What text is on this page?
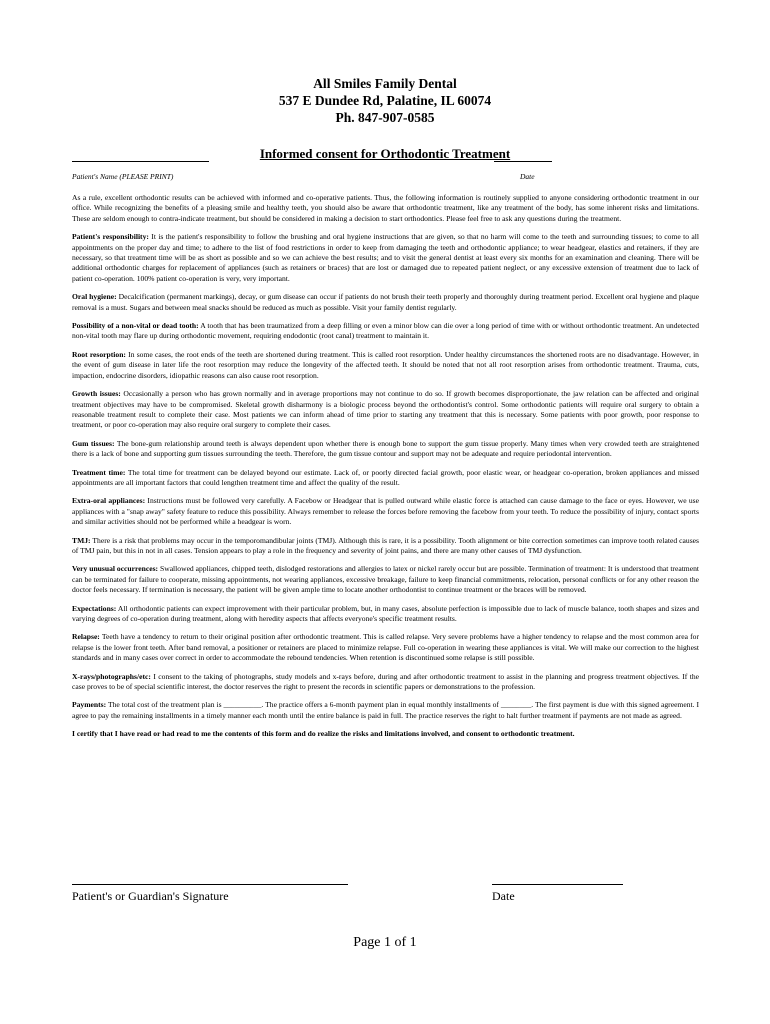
All Smiles Family Dental
537 E Dundee Rd, Palatine, IL 60074
Ph. 847-907-0585
Informed consent for Orthodontic Treatment
Patient's Name (PLEASE PRINT)	Date

As a rule, excellent orthodontic results can be achieved with informed and co-operative patients. Thus, the following information is routinely supplied to anyone considering orthodontic treatment in our office. While recognizing the benefits of a pleasing smile and healthy teeth, you should also be aware that orthodontic treatment, like any treatment of the body, has some inherent risks and limitations. These are seldom enough to contra-indicate treatment, but should be considered in making a decision to start orthodontics. Please feel free to ask any questions during the treatment.

Patient's responsibility: It is the patient's responsibility to follow the brushing and oral hygiene instructions that are given, so that no harm will come to the teeth and surrounding tissues; to come to all appointments on the proper day and time; to adhere to the list of food restrictions in order to keep from damaging the teeth and orthodontic appliance; to wear headgear, elastics and retainers, if they are necessary, so that treatment time will be as short as possible and so we can achieve the best results; and to visit the general dentist at least every six months for an examination and cleaning. There will be additional orthodontic charges for replacement of appliances (such as retainers or braces) that are lost or damaged due to repeated patient neglect, or any excessive extension of treatment due to lack of patient co-operation. 100% patient co-operation is very, very important.

Oral hygiene: Decalcification (permanent markings), decay, or gum disease can occur if patients do not brush their teeth properly and thoroughly during treatment period. Excellent oral hygiene and plaque removal is a must. Sugars and between meal snacks should be reduced as much as possible. Visit your family dentist regularly.

Possibility of a non-vital or dead tooth: A tooth that has been traumatized from a deep filling or even a minor blow can die over a long period of time with or without orthodontic treatment. An undetected non-vital tooth may flare up during orthodontic movement, requiring endodontic (root canal) treatment to maintain it.

Root resorption: In some cases, the root ends of the teeth are shortened during treatment. This is called root resorption. Under healthy circumstances the shortened roots are no disadvantage. However, in the event of gum disease in later life the root resorption may reduce the longevity of the affected teeth. It should be noted that not all root resorption arises from orthodontic treatment. Trauma, cuts, impaction, endocrine disorders, idiopathic reasons can also cause root resorption.

Growth issues: Occasionally a person who has grown normally and in average proportions may not continue to do so. If growth becomes disproportionate, the jaw relation can be affected and original treatment objectives may have to be compromised. Skeletal growth disharmony is a biologic process beyond the orthodontist's control. Some orthodontic patients will require oral surgery to obtain a reasonable treatment result to complete their case. Most patients we can inform ahead of time prior to starting any treatment that this is necessary. Some patients with poor growth, poor response to treatment, or poor co-operation may also require oral surgery to complete their cases.

Gum tissues: The bone-gum relationship around teeth is always dependent upon whether there is enough bone to support the gum tissue properly. Many times when very crowded teeth are straightened there is a lack of bone and supporting gum tissues surrounding the teeth. Therefore, the gum tissue contour and support may not be adequate and require periodontal intervention.

Treatment time: The total time for treatment can be delayed beyond our estimate. Lack of, or poorly directed facial growth, poor elastic wear, or headgear co-operation, broken appliances and missed appointments are all important factors that could lengthen treatment time and affect the quality of the result.

Extra-oral appliances: Instructions must be followed very carefully. A Facebow or Headgear that is pulled outward while elastic force is attached can cause damage to the face or eyes. However, we use appliances with a "snap away" safety feature to reduce this possibility. Always remember to release the forces before removing the facebow from your teeth. To reduce the possibility of injury, contact sports and similar activities should not be performed while a headgear is worn.

TMJ: There is a risk that problems may occur in the temporomandibular joints (TMJ). Although this is rare, it is a possibility. Tooth alignment or bite correction sometimes can improve tooth related causes of TMJ pain, but this in not in all cases. Tension appears to play a role in the frequency and severity of joint pains, and there are many other causes of TMJ dysfunction.

Very unusual occurrences: Swallowed appliances, chipped teeth, dislodged restorations and allergies to latex or nickel rarely occur but are possible. Termination of treatment: It is understood that treatment can be terminated for failure to cooperate, missing appointments, not wearing appliances, excessive breakage, failure to keep financial commitments, relocation, personal conflicts or for any other reason the doctor feels necessary. If termination is necessary, the patient will be given ample time to locate another orthodontist to continue treatment or the braces will be removed.

Expectations: All orthodontic patients can expect improvement with their particular problem, but, in many cases, absolute perfection is impossible due to lack of muscle balance, tooth shapes and sizes and varying degrees of co-operation during treatment, along with heredity aspects that affects everyone's specific treatment results.

Relapse: Teeth have a tendency to return to their original position after orthodontic treatment. This is called relapse. Very severe problems have a higher tendency to relapse and the most common area for relapse is the lower front teeth. After band removal, a positioner or retainers are placed to minimize relapse. Full co-operation in wearing these appliances is vital. We will make our correction to the highest standards and in many cases over correct in order to accommodate the rebound tendencies. When retention is discontinued some relapse is still possible.

X-rays/photographs/etc: I consent to the taking of photographs, study models and x-rays before, during and after orthodontic treatment to assist in the planning and progress treatment objectives. If the case proves to be of special scientific interest, the doctor reserves the right to present the records in scientific papers or demonstrations to the profession.

Payments: The total cost of the treatment plan is __________. The practice offers a 6-month payment plan in equal monthly installments of ________. The first payment is due with this signed agreement. I agree to pay the remaining installments in a timely manner each month until the entire balance is paid in full. The practice reserves the right to halt further treatment if payments are not made as agreed.

I certify that I have read or had read to me the contents of this form and do realize the risks and limitations involved, and consent to orthodontic treatment.

Patient's or Guardian's Signature	Date
Page 1 of 1
